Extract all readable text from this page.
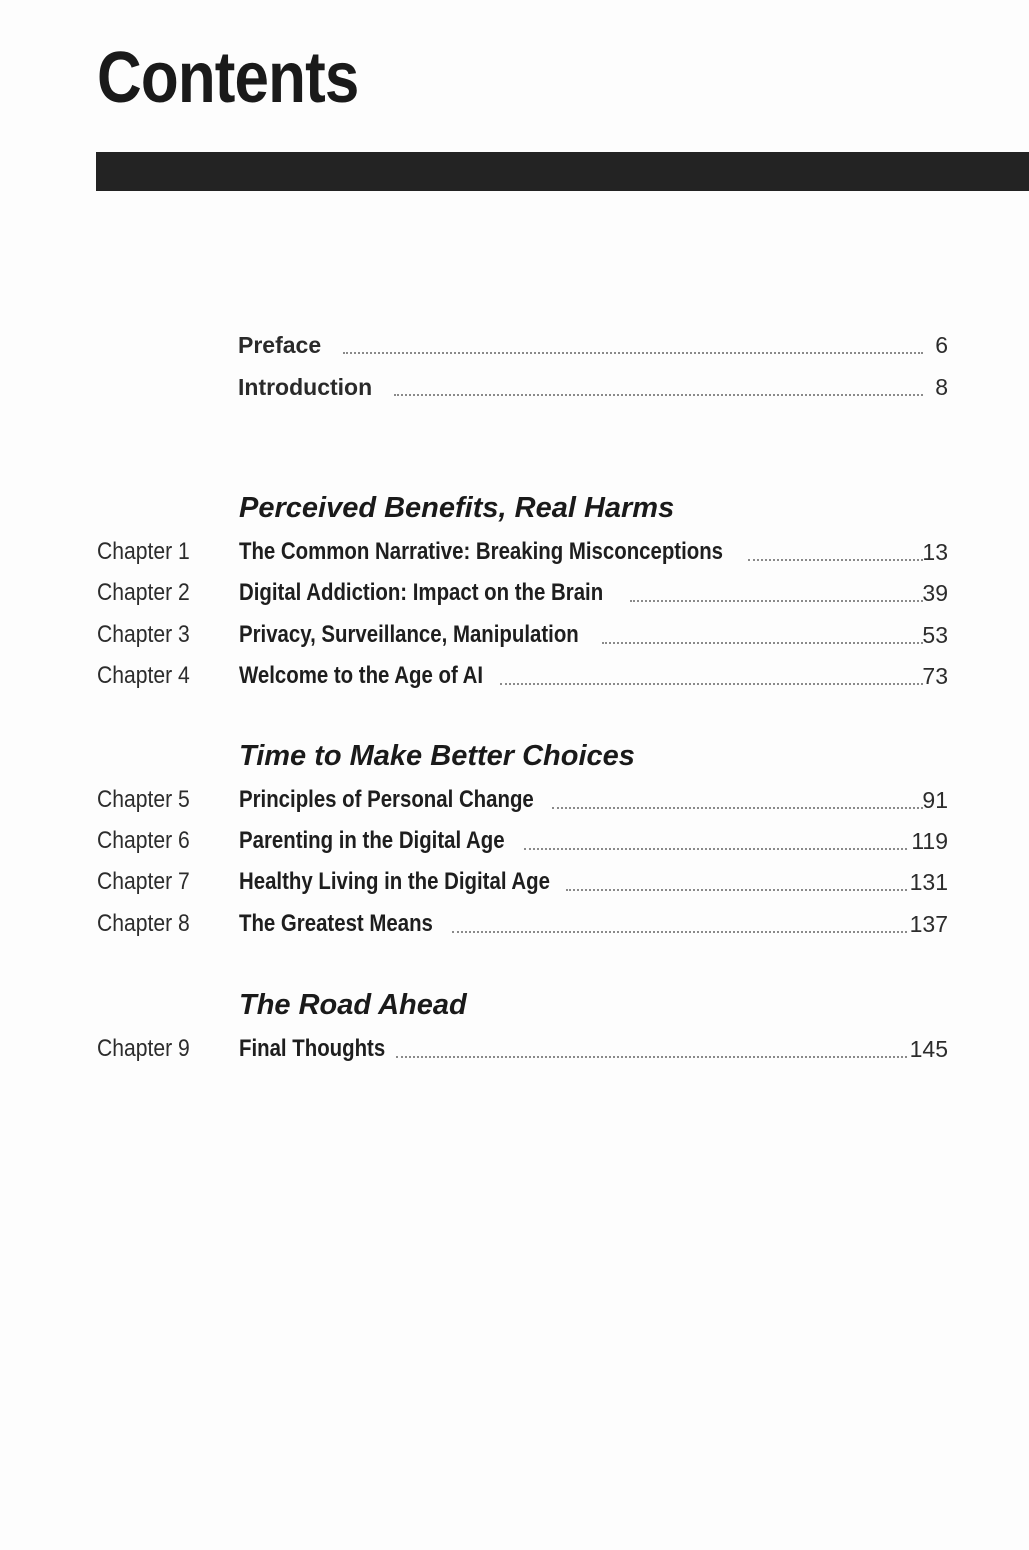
Contents
Preface	6
Introduction	8
Perceived Benefits, Real Harms
Chapter 1 The Common Narrative: Breaking Misconceptions	13
Chapter 2 Digital Addiction: Impact on the Brain	39
Chapter 3 Privacy, Surveillance, Manipulation	53
Chapter 4 Welcome to the Age of AI	73
Time to Make Better Choices
Chapter 5 Principles of Personal Change	91
Chapter 6 Parenting in the Digital Age	119
Chapter 7 Healthy Living in the Digital Age	131
Chapter 8 The Greatest Means	137
The Road Ahead
Chapter 9 Final Thoughts	145
